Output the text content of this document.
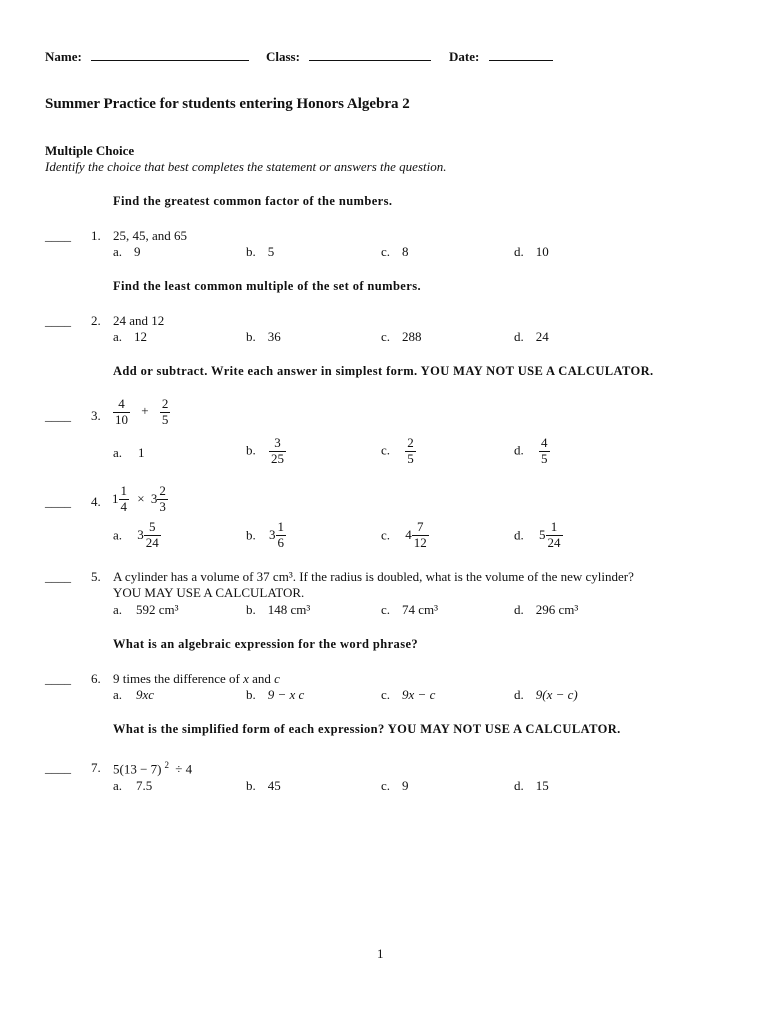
Name:	Class:	Date:
Summer Practice for students entering Honors Algebra 2
Multiple Choice
Identify the choice that best completes the statement or answers the question.
Find the greatest common factor of the numbers.
____ 1. 25, 45, and 65
a. 9	b. 5	c. 8	d. 10
Find the least common multiple of the set of numbers.
____ 2. 24 and 12
a. 12	b. 36	c. 288	d. 24
Add or subtract. Write each answer in simplest form. YOU MAY NOT USE A CALCULATOR.
____ 3. $\frac{4}{10} + \frac{2}{5}$
a. 1	b. $\frac{3}{25}$	c. $\frac{2}{5}$	d. $\frac{4}{5}$
____ 4. $1 \frac{1}{4} \times 3 \frac{2}{3}$
a. $3 \frac{5}{24}$	b. $3 \frac{1}{6}$	c. $4 \frac{7}{12}$	d. $5 \frac{1}{24}$
____ 5. A cylinder has a volume of 37 cm³. If the radius is doubled, what is the volume of the new cylinder?
YOU MAY USE A CALCULATOR.
a. 592 cm³	b. 148 cm³	c. 74 cm³	d. 296 cm³
What is an algebraic expression for the word phrase?
____ 6. 9 times the difference of x and c
a. 9xc	b. 9 − x c	c. 9x − c	d. 9(x − c)
What is the simplified form of each expression? YOU MAY NOT USE A CALCULATOR.
____ 7. 5(13 − 7) $^2$ ÷ 4
a. 7.5	b. 45	c. 9	d. 15
1
